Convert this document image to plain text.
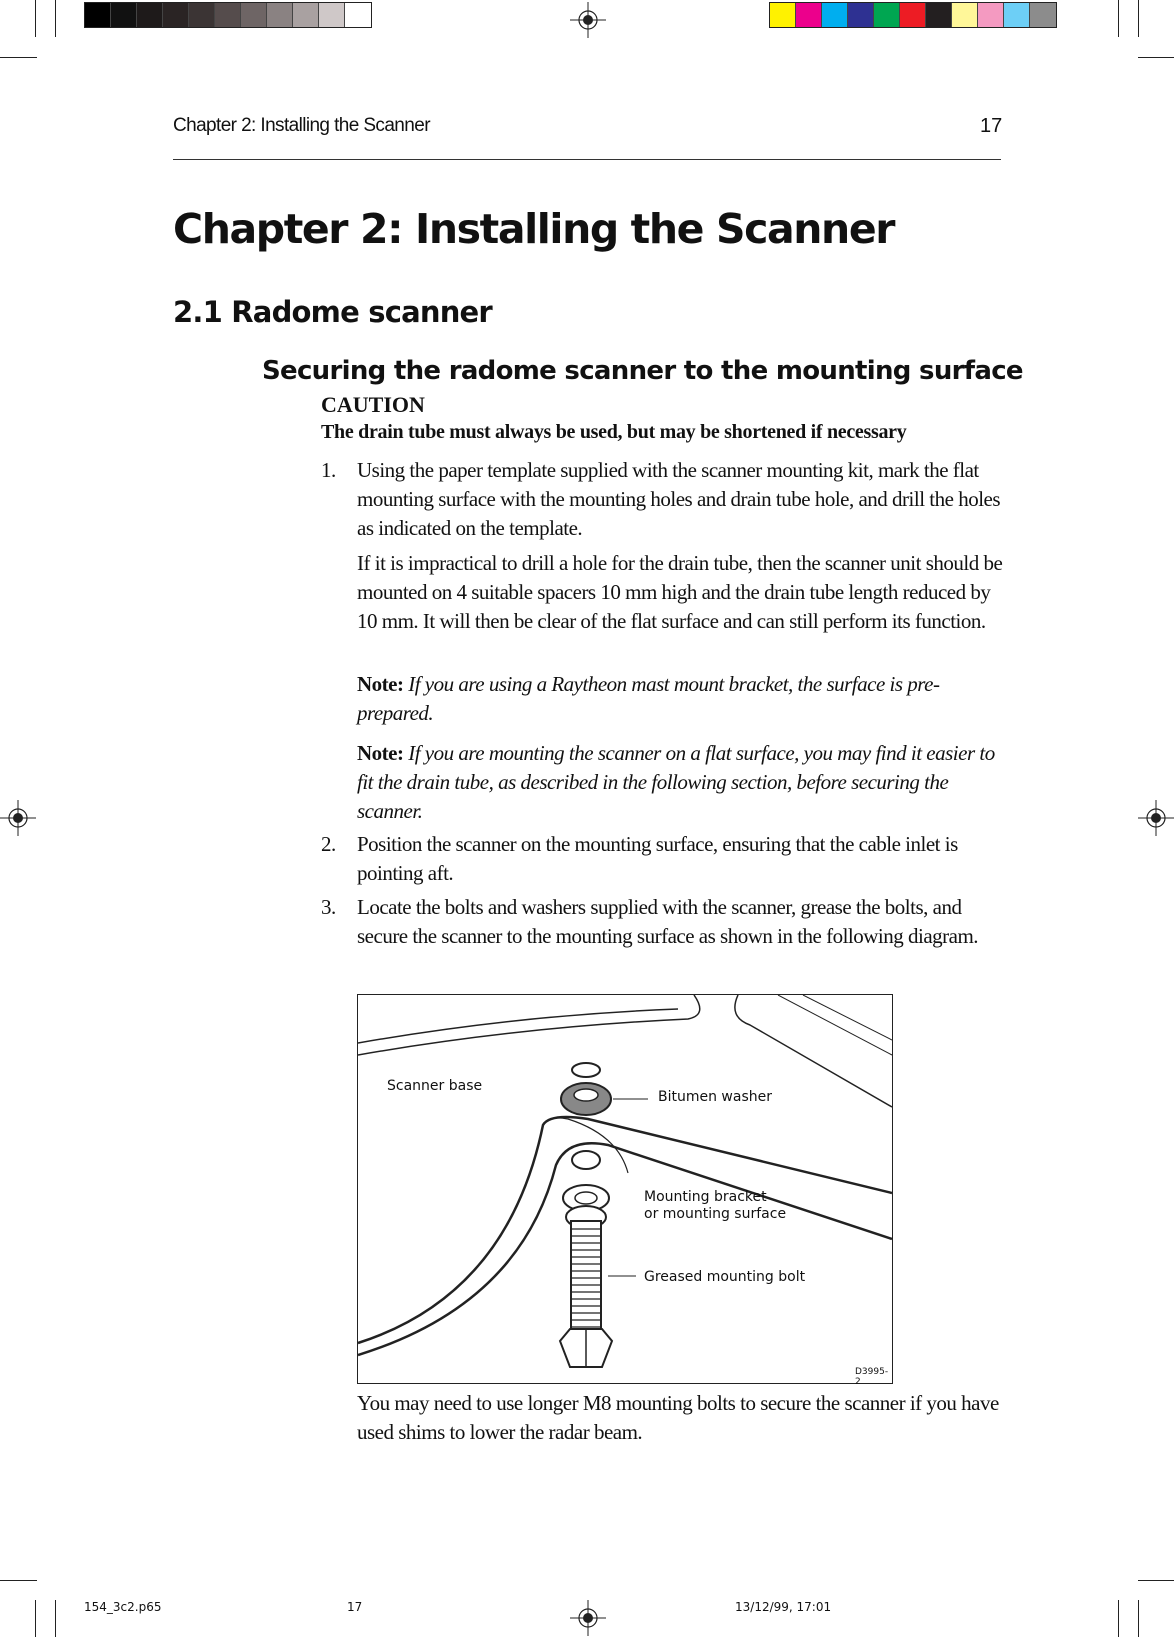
Chapter 2: Installing the Scanner	17
Chapter 2: Installing the Scanner
2.1 Radome scanner
Securing the radome scanner to the mounting surface
CAUTION
The drain tube must always be used, but may be shortened if necessary
1. Using the paper template supplied with the scanner mounting kit, mark the flat mounting surface with the mounting holes and drain tube hole, and drill the holes as indicated on the template.
If it is impractical to drill a hole for the drain tube, then the scanner unit should be mounted on 4 suitable spacers 10 mm high and the drain tube length reduced by 10 mm. It will then be clear of the flat surface and can still perform its function.
Note: If you are using a Raytheon mast mount bracket, the surface is pre-prepared.
Note: If you are mounting the scanner on a flat surface, you may find it easier to fit the drain tube, as described in the following section, before securing the scanner.
2. Position the scanner on the mounting surface, ensuring that the cable inlet is pointing aft.
3. Locate the bolts and washers supplied with the scanner, grease the bolts, and secure the scanner to the mounting surface as shown in the following diagram.
Scanner base
Bitumen washer
Mounting bracket
or mounting surface
Greased mounting bolt
D3995-2
You may need to use longer M8 mounting bolts to secure the scanner if you have used shims to lower the radar beam.
154_3c2.p65	17	13/12/99, 17:01
